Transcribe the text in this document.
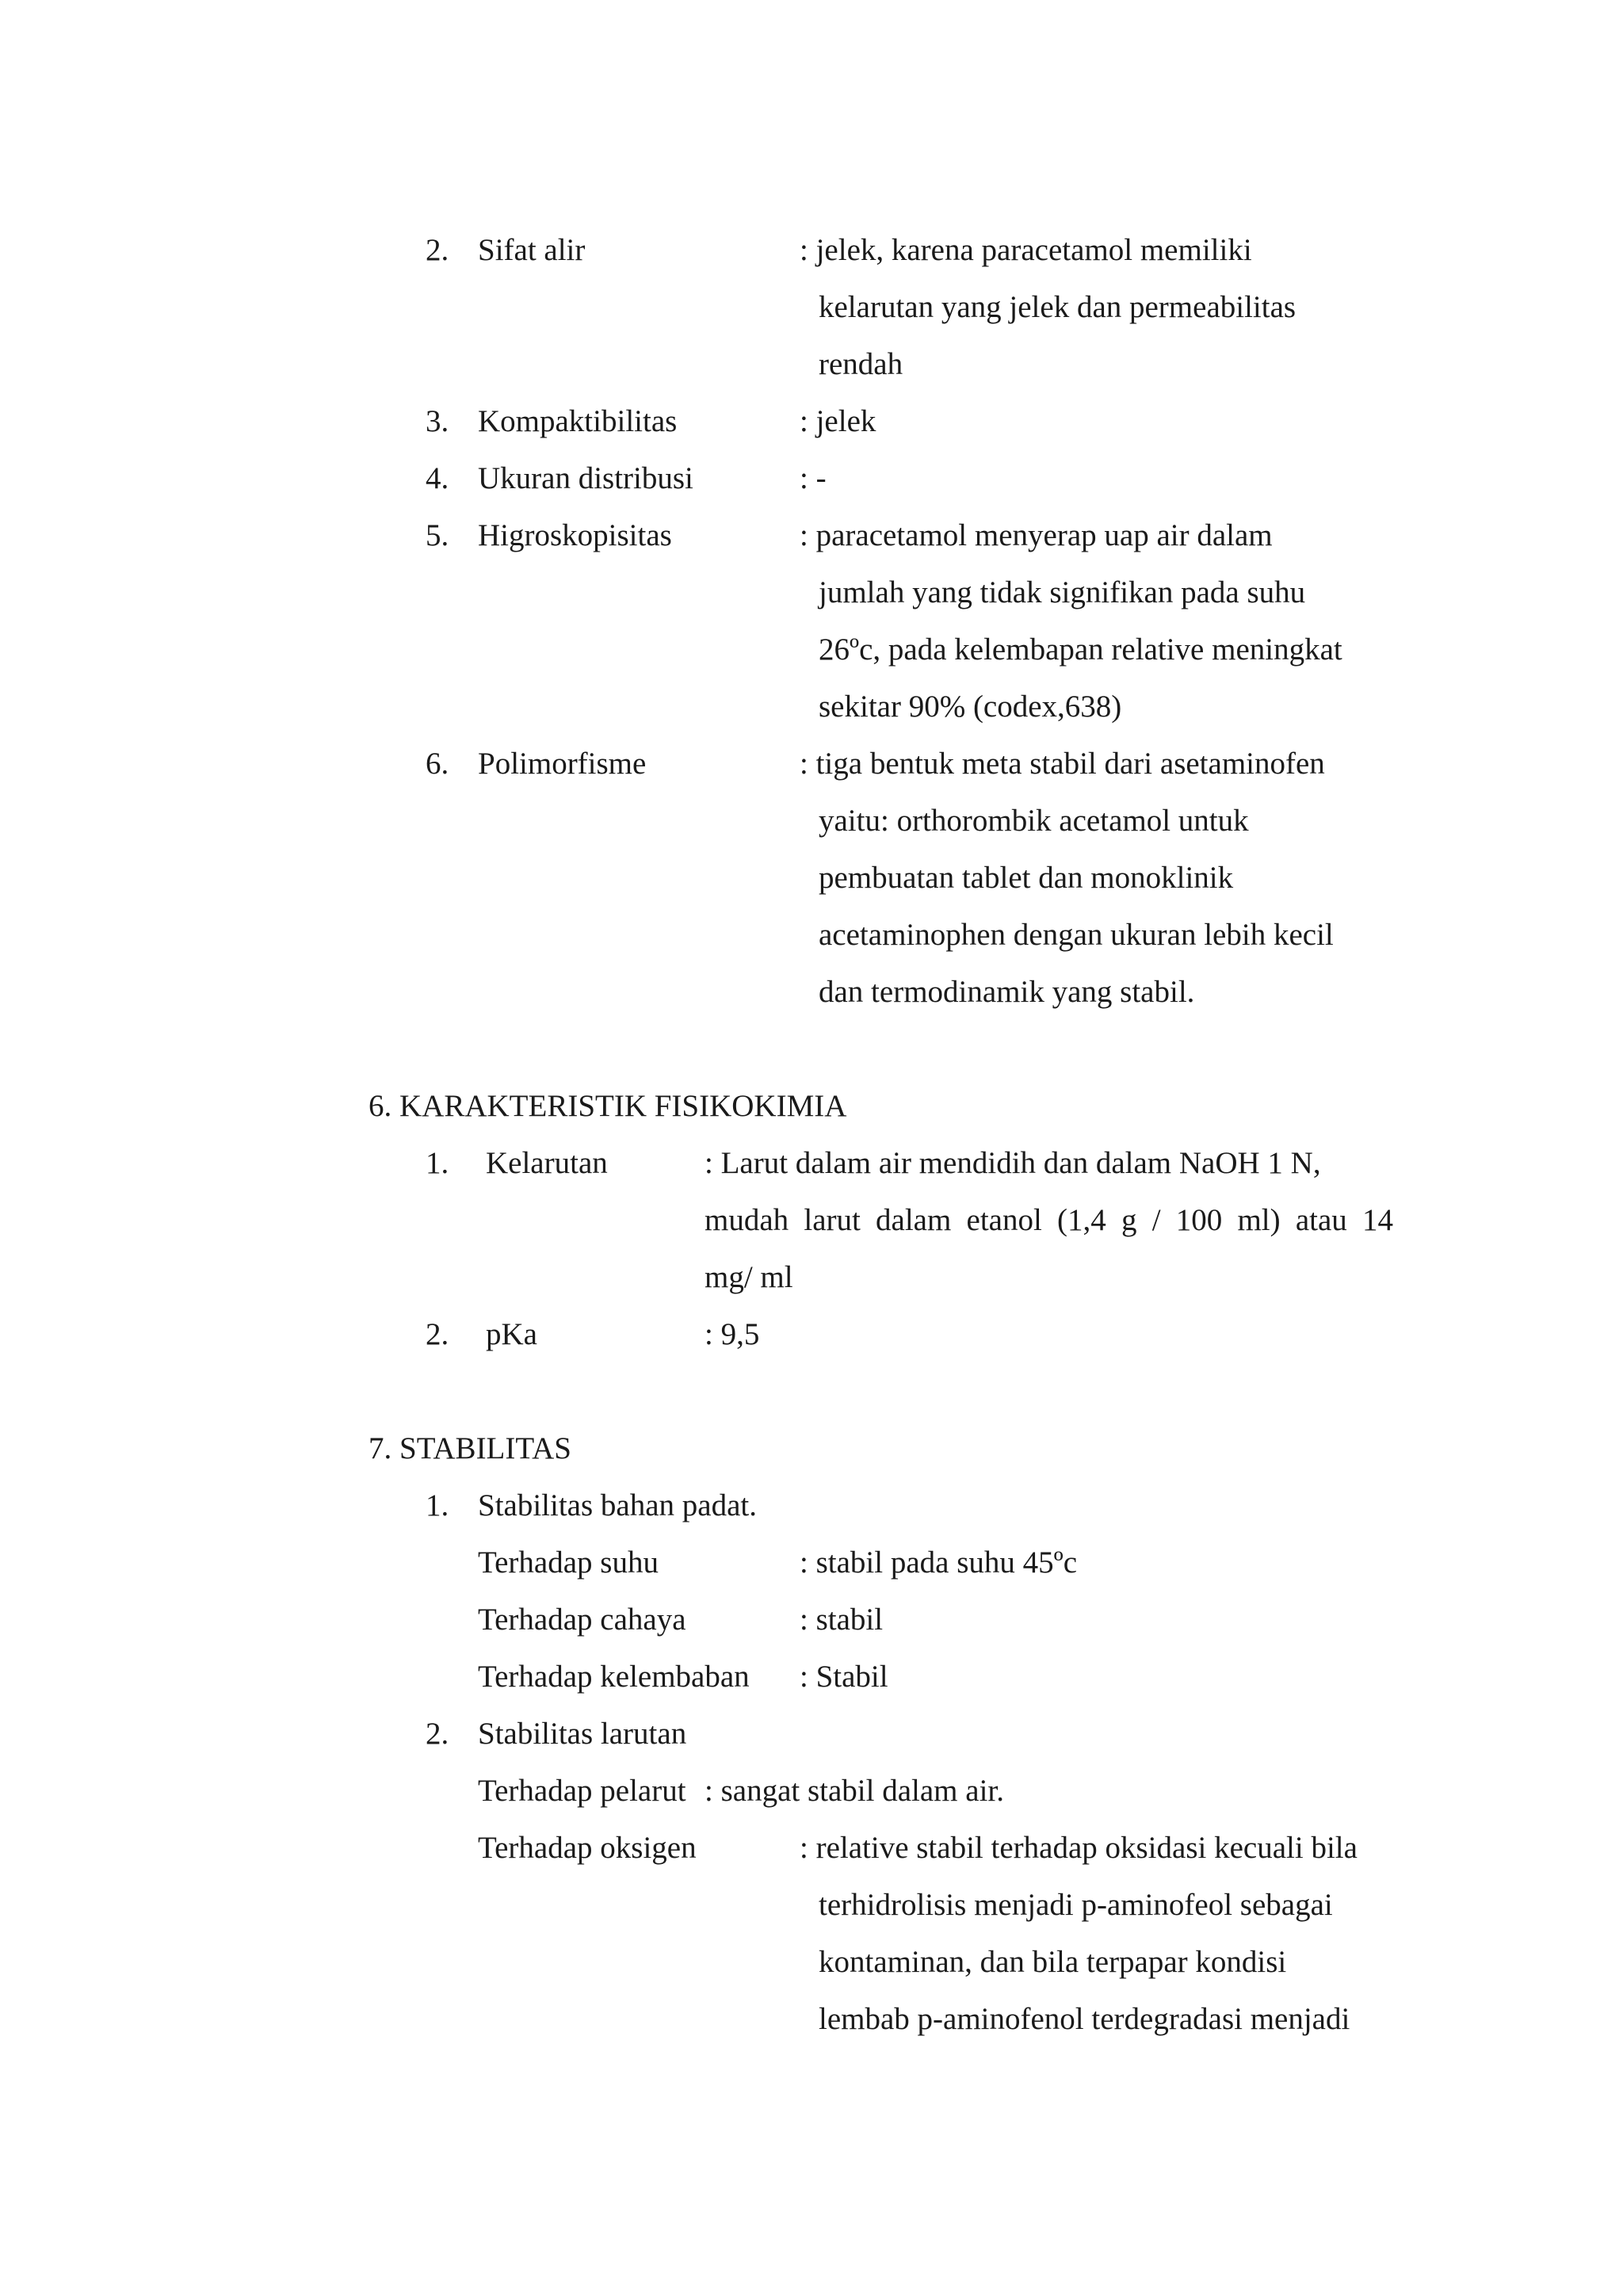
2. Sifat alir	: jelek, karena paracetamol memiliki
kelarutan yang jelek dan permeabilitas
rendah
3. Kompaktibilitas	: jelek
4. Ukuran distribusi	: -
5. Higroskopisitas	: paracetamol menyerap uap air dalam
jumlah yang tidak signifikan pada suhu
26ºc, pada kelembapan relative meningkat
sekitar 90% (codex,638)
6. Polimorfisme	: tiga bentuk meta stabil dari asetaminofen
yaitu: orthorombik acetamol untuk
pembuatan tablet dan monoklinik
acetaminophen dengan ukuran lebih kecil
dan termodinamik yang stabil.
6. KARAKTERISTIK FISIKOKIMIA
1. Kelarutan	: Larut dalam air mendidih dan dalam NaOH 1 N,
mudah larut dalam etanol (1,4 g / 100 ml) atau 14
mg/ ml
2. pKa	: 9,5
7. STABILITAS
1. Stabilitas bahan padat.
Terhadap suhu	: stabil pada suhu 45ºc
Terhadap cahaya	: stabil
Terhadap kelembaban : Stabil
2. Stabilitas larutan
Terhadap pelarut : sangat stabil dalam air.
Terhadap oksigen	: relative stabil terhadap oksidasi kecuali bila
terhidrolisis menjadi p-aminofeol sebagai
kontaminan, dan bila terpapar kondisi
lembab p-aminofenol terdegradasi menjadi
